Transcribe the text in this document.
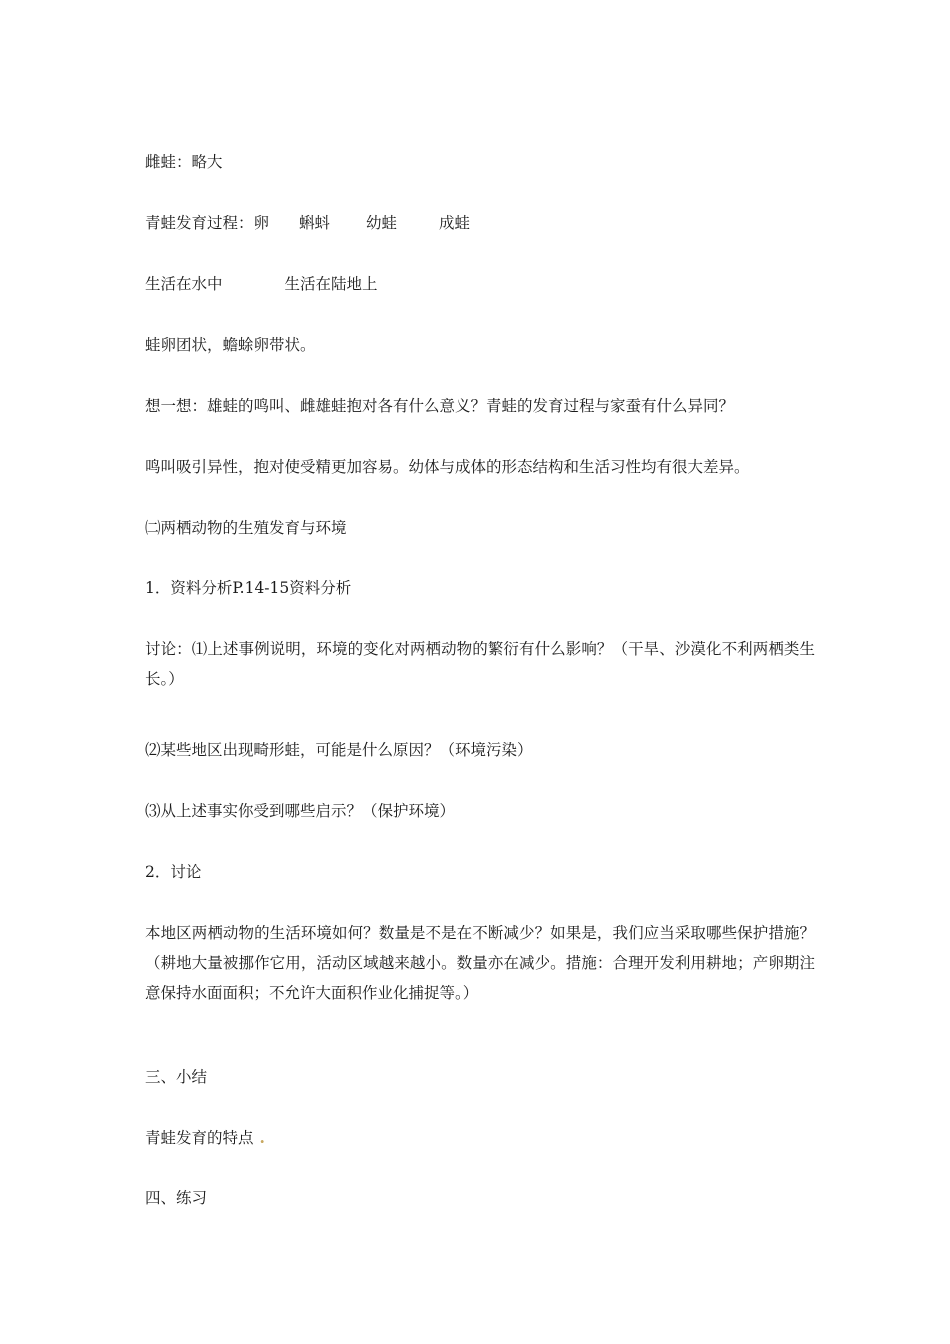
雌蛙：略大
青蛙发育过程：卵 蝌蚪 幼蛙	成蛙
生活在水中	生活在陆地上
蛙卵团状，蟾蜍卵带状。
想一想：雄蛙的鸣叫、雌雄蛙抱对各有什么意义？青蛙的发育过程与家蚕有什么异同？
鸣叫吸引异性，抱对使受精更加容易。幼体与成体的形态结构和生活习性均有很大差异。
㈡两栖动物的生殖发育与环境
1．资料分析P.14-15资料分析
讨论：⑴上述事例说明，环境的变化对两栖动物的繁衍有什么影响？（干旱、沙漠化不利两栖类生长。）
⑵某些地区出现畸形蛙，可能是什么原因？（环境污染）
⑶从上述事实你受到哪些启示？（保护环境）
2．讨论
本地区两栖动物的生活环境如何？数量是不是在不断减少？如果是，我们应当采取哪些保护措施？（耕地大量被挪作它用，活动区域越来越小。数量亦在减少。措施：合理开发利用耕地；产卵期注意保持水面面积；不允许大面积作业化捕捉等。）
三、小结
青蛙发育的特点 .
四、练习
